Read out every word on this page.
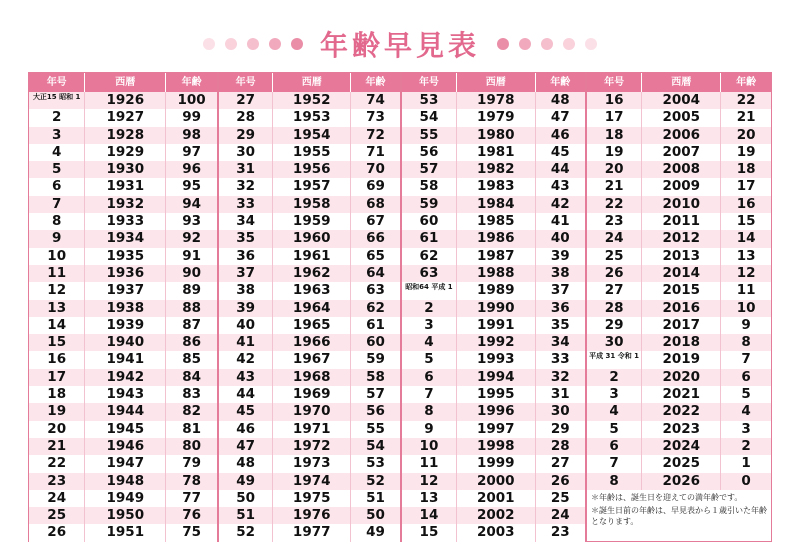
年齢早見表
年号	西暦	年齢
大正15 昭和 1	1926	100
2	1927	99
3	1928	98
4	1929	97
5	1930	96
6	1931	95
7	1932	94
8	1933	93
9	1934	92
10	1935	91
11	1936	90
12	1937	89
13	1938	88
14	1939	87
15	1940	86
16	1941	85
17	1942	84
18	1943	83
19	1944	82
20	1945	81
21	1946	80
22	1947	79
23	1948	78
24	1949	77
25	1950	76
26	1951	75
年号	西暦	年齢
27	1952	74
28	1953	73
29	1954	72
30	1955	71
31	1956	70
32	1957	69
33	1958	68
34	1959	67
35	1960	66
36	1961	65
37	1962	64
38	1963	63
39	1964	62
40	1965	61
41	1966	60
42	1967	59
43	1968	58
44	1969	57
45	1970	56
46	1971	55
47	1972	54
48	1973	53
49	1974	52
50	1975	51
51	1976	50
52	1977	49
年号	西暦	年齢
53	1978	48
54	1979	47
55	1980	46
56	1981	45
57	1982	44
58	1983	43
59	1984	42
60	1985	41
61	1986	40
62	1987	39
63	1988	38
昭和64 平成 1	1989	37
2	1990	36
3	1991	35
4	1992	34
5	1993	33
6	1994	32
7	1995	31
8	1996	30
9	1997	29
10	1998	28
11	1999	27
12	2000	26
13	2001	25
14	2002	24
15	2003	23
年号	西暦	年齢
16	2004	22
17	2005	21
18	2006	20
19	2007	19
20	2008	18
21	2009	17
22	2010	16
23	2011	15
24	2012	14
25	2013	13
26	2014	12
27	2015	11
28	2016	10
29	2017	9
30	2018	8
平成 31 令和 1	2019	7
2	2020	6
3	2021	5
4	2022	4
5	2023	3
6	2024	2
7	2025	1
8	2026	0
＊年齢は、誕生日を迎えての満年齢です。
＊誕生日前の年齢は、早見表から１歳引いた年齢となります。
